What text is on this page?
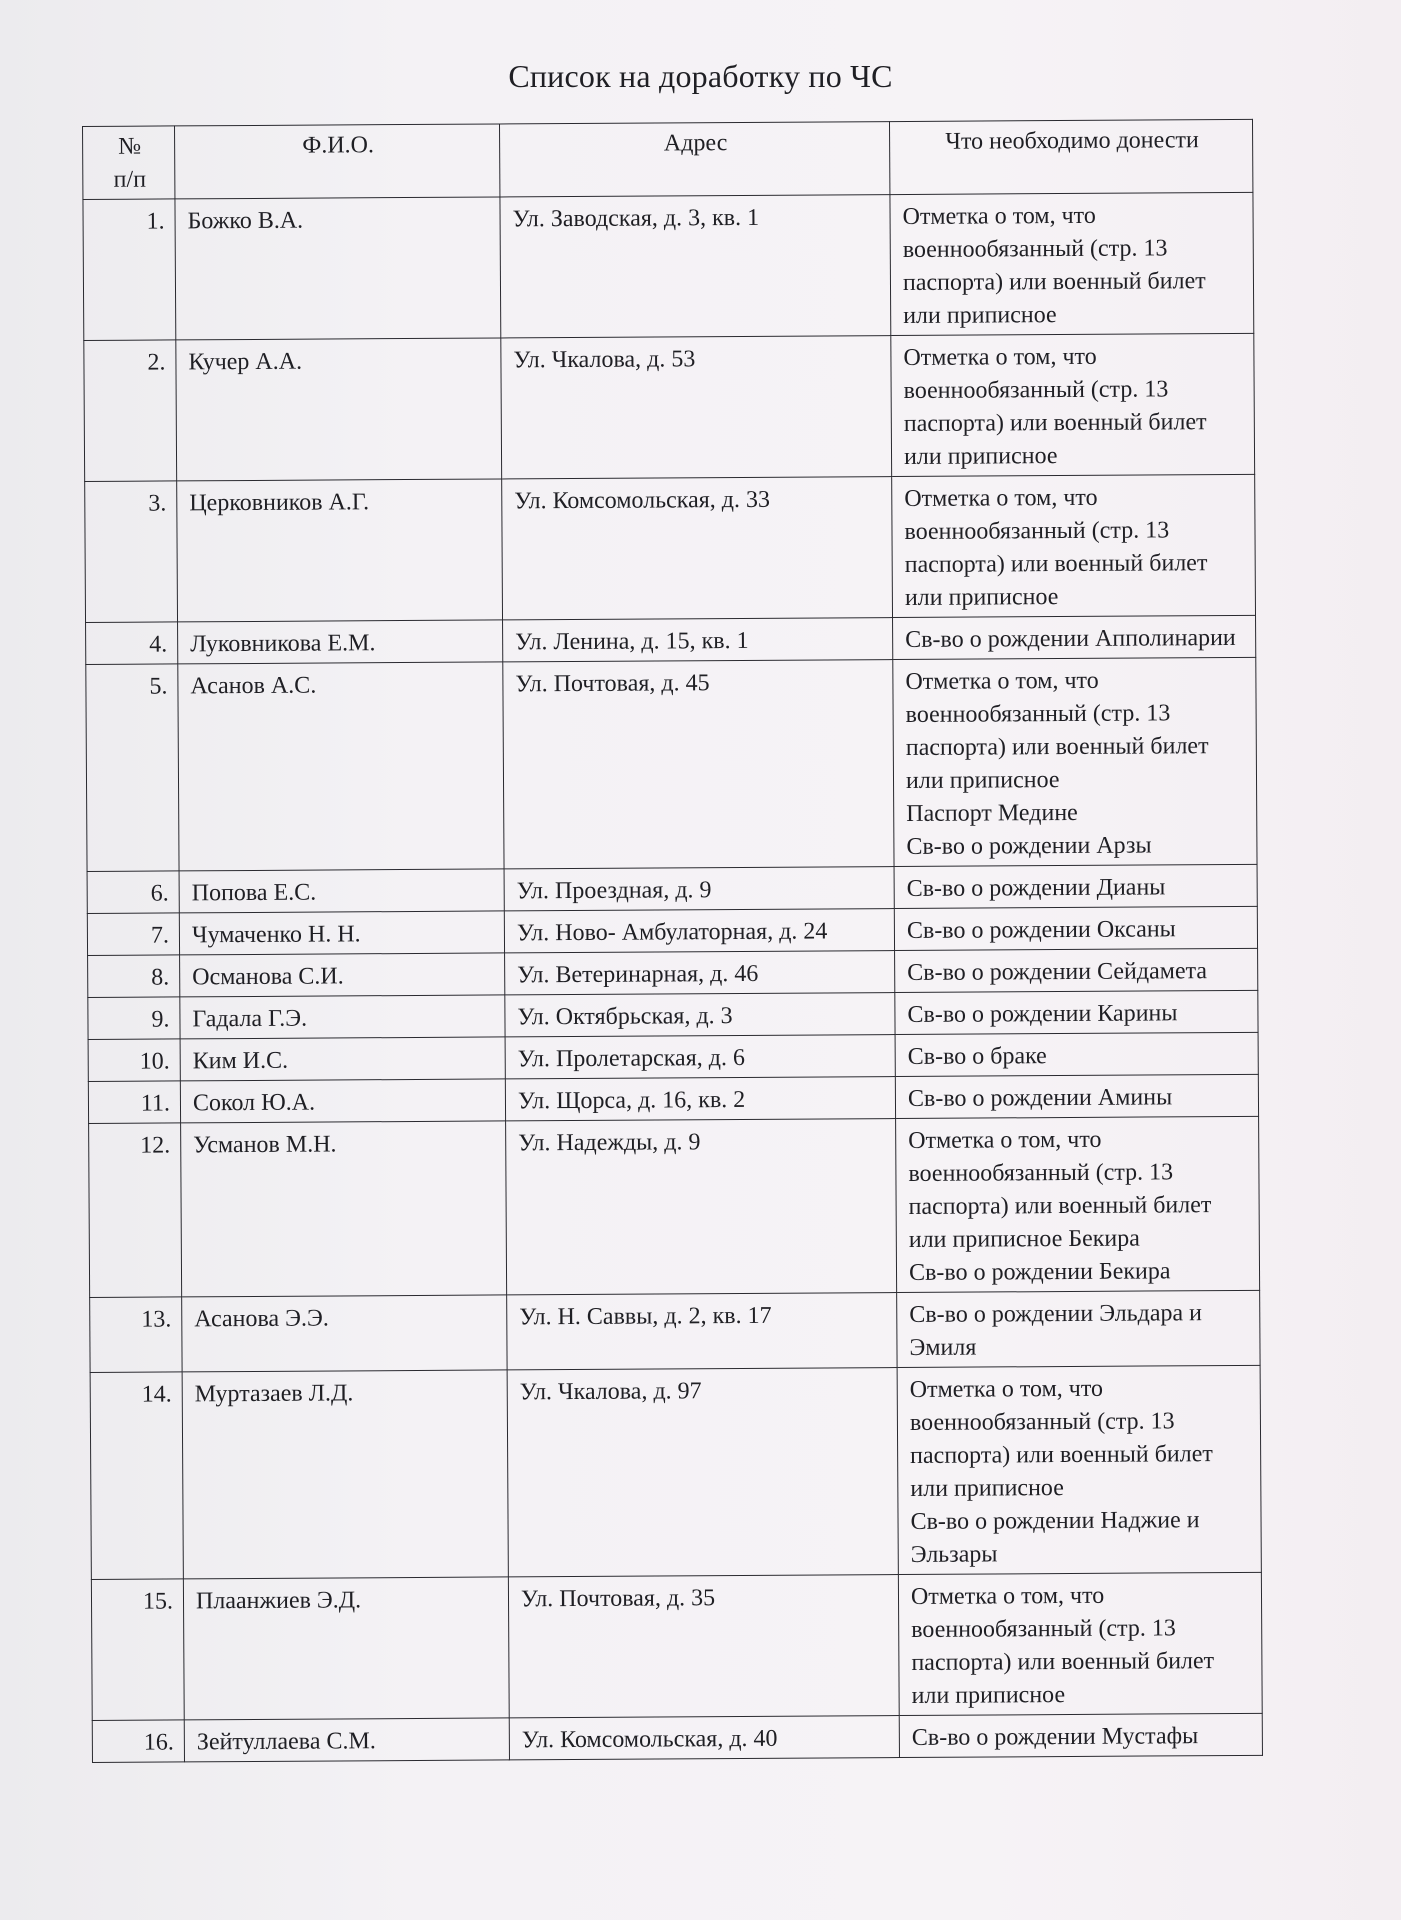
Список на доработку по ЧС
№
п/п	Ф.И.О.	Адрес	Что необходимо донести
1.	Божко В.А.	Ул. Заводская, д. 3, кв. 1	Отметка о том, что военнообязанный (стр. 13 паспорта) или военный билет или приписное
2.	Кучер А.А.	Ул. Чкалова, д. 53	Отметка о том, что военнообязанный (стр. 13 паспорта) или военный билет или приписное
3.	Церковников А.Г.	Ул. Комсомольская, д. 33	Отметка о том, что военнообязанный (стр. 13 паспорта) или военный билет или приписное
4.	Луковникова Е.М.	Ул. Ленина, д. 15, кв. 1	Св-во о рождении Апполинарии
5.	Асанов А.С.	Ул. Почтовая, д. 45	Отметка о том, что военнообязанный (стр. 13 паспорта) или военный билет или приписное
Паспорт Медине
Св-во о рождении Арзы
6.	Попова Е.С.	Ул. Проездная, д. 9	Св-во о рождении Дианы
7.	Чумаченко Н. Н.	Ул. Ново- Амбулаторная, д. 24	Св-во о рождении Оксаны
8.	Османова С.И.	Ул. Ветеринарная, д. 46	Св-во о рождении Сейдамета
9.	Гадала Г.Э.	Ул. Октябрьская, д. 3	Св-во о рождении Карины
10.	Ким И.С.	Ул. Пролетарская, д. 6	Св-во о браке
11.	Сокол Ю.А.	Ул. Щорса, д. 16, кв. 2	Св-во о рождении Амины
12.	Усманов М.Н.	Ул. Надежды, д. 9	Отметка о том, что военнообязанный (стр. 13 паспорта) или военный билет или приписное Бекира
Св-во о рождении Бекира
13.	Асанова Э.Э.	Ул. Н. Саввы, д. 2, кв. 17	Св-во о рождении Эльдара и Эмиля
14.	Муртазаев Л.Д.	Ул. Чкалова, д. 97	Отметка о том, что военнообязанный (стр. 13 паспорта) или военный билет или приписное
Св-во о рождении Наджие и Эльзары
15.	Плаанжиев Э.Д.	Ул. Почтовая, д. 35	Отметка о том, что военнообязанный (стр. 13 паспорта) или военный билет или приписное
16.	Зейтуллаева С.М.	Ул. Комсомольская, д. 40	Св-во о рождении Мустафы
